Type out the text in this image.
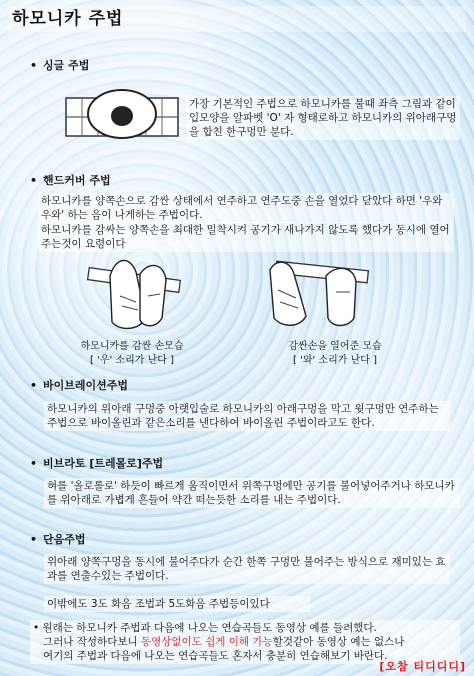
하모니카 주법
• 싱글 주법
가장 기본적인 주법으로 하모니카를 불때 좌측 그림과 같이 입모양을 알파벳 'O' 자 형태로하고 하모니카의 위아래구멍을 합친 한구멍만 분다.
• 핸드커버 주법
하모니카를 양쪽손으로 감싼 상태에서 연주하고 연주도중 손을 열었다 닫았다 하면 '우와우와' 하는 음이 나게하는 주법이다.
하모니카를 감싸는 양쪽손을 최대한 밀착시켜 공기가 새나가지 않도록 했다가 동시에 열어주는것이 요령이다
하모니카를 감싼 손모습
[ '우' 소리가 난다 ]
감싼손을 열어준 모습
[ '와' 소리가 난다 ]
• 바이브레이션주법
하모니카의 위아래 구멍중 아랫입술로 하모니카의 아래구멍을 막고 윗구멍만 연주하는 주법으로 바이올린과 같은소리를 낸다하여 바이올린 주법이라고도 한다.
• 비브라토 [트레몰로]주법
혀를 '올로롤로' 하듯이 빠르게 움직이면서 위쪽구멍에만 공기를 불어넣어주거나 하모니카를 위아래로 가볍게 흔들어 약간 떠는듯한 소리를 내는 주법이다.
• 단음주법
위아래 양쪽구멍을 동시에 불어주다가 순간 한쪽 구멍만 불어주는 방식으로 재미있는 효과를 연출수있는 주법이다.
이밖에도 3도 화음 조법과 5도화음 주법등이있다
• 원래는 하모니카 주법과 다음에 나오는 연습곡들도 동영상 예를 들려했다.
그러나 작성하다보니 동영상없이도 쉽게 이해 가능할것같아 동영상 예는 없스나
여기의 주법과 다음에 나오는 연습곡들도 혼자서 충분히 연습해보기 바란다.
[오참 티디디디]
